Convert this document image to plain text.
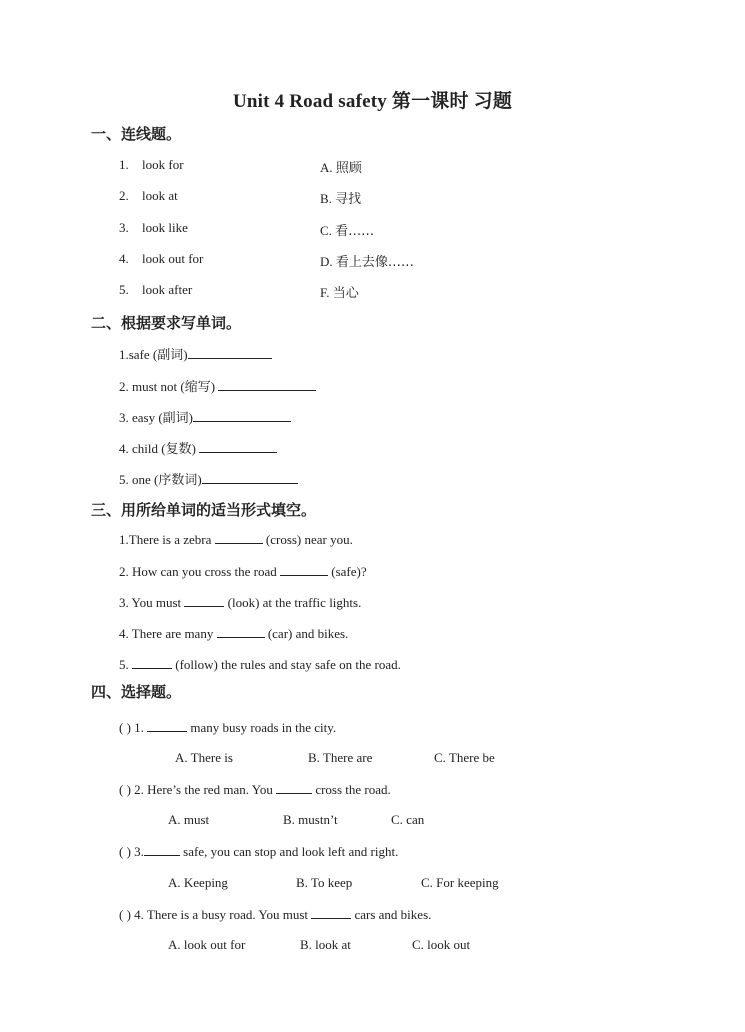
Unit 4 Road safety 第一课时 习题
一、连线题。
1. look for	A. 照顾
2. look at	B. 寻找
3. look like	C. 看……
4. look out for	D. 看上去像……
5. look after	F. 当心
二、根据要求写单词。
1.safe (副词)
2. must not (缩写)
3. easy (副词)
4. child (复数)
5. one (序数词)
三、用所给单词的适当形式填空。
1.There is a zebra	(cross) near you.
2. How can you cross the road	(safe)?
3. You must	(look) at the traffic lights.
4. There are many	(car) and bikes.
5.	(follow) the rules and stay safe on the road.
四、选择题。
( ) 1.	many busy roads in the city.
A. There is	B. There are	C. There be
( ) 2. Here’s the red man. You	cross the road.
A. must	B. mustn’t	C. can
( ) 3.	safe, you can stop and look left and right.
A. Keeping	B. To keep	C. For keeping
( ) 4. There is a busy road. You must	cars and bikes.
A. look out for	B. look at	C. look out
